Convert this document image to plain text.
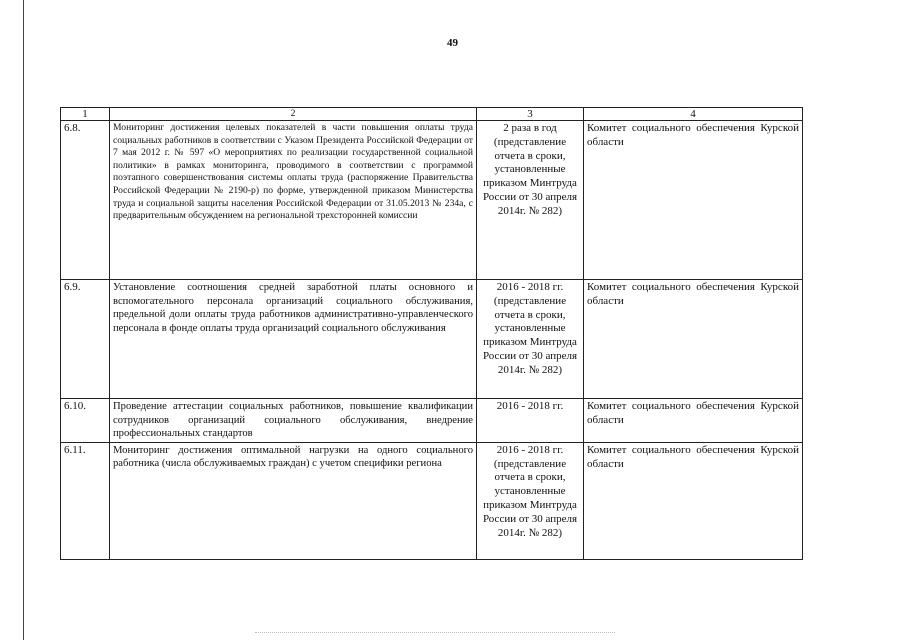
49
1	2	3	4
6.8.	Мониторинг достижения целевых показателей в части повышения оплаты труда социальных работников в соответствии с Указом Президента Российской Федерации от 7 мая 2012 г. № 597 «О мероприятиях по реализации государственной социальной политики» в рамках мониторинга, проводимого в соответствии с программой поэтапного совершенствования системы оплаты труда (распоряжение Правительства Российской Федерации № 2190-р) по форме, утвержденной приказом Министерства труда и социальной защиты населения Российской Федерации от 31.05.2013 № 234а, с предварительным обсуждением на региональной трехсторонней комиссии	2 раза в год (представление отчета в сроки, установленные приказом Минтруда России от 30 апреля 2014г. № 282)	Комитет социального обеспечения Курской области
6.9.	Установление соотношения средней заработной платы основного и вспомогательного персонала организаций социального обслуживания, предельной доли оплаты труда работников административно-управленческого персонала в фонде оплаты труда организаций социального обслуживания	2016 - 2018 гг. (представление отчета в сроки, установленные приказом Минтруда России от 30 апреля 2014г. № 282)	Комитет социального обеспечения Курской области
6.10.	Проведение аттестации социальных работников, повышение квалификации сотрудников организаций социального обслуживания, внедрение профессиональных стандартов	2016 - 2018 гг.	Комитет социального обеспечения Курской области
6.11.	Мониторинг достижения оптимальной нагрузки на одного социального работника (числа обслуживаемых граждан) с учетом специфики региона	2016 - 2018 гг. (представление отчета в сроки, установленные приказом Минтруда России от 30 апреля 2014г. № 282)	Комитет социального обеспечения Курской области
